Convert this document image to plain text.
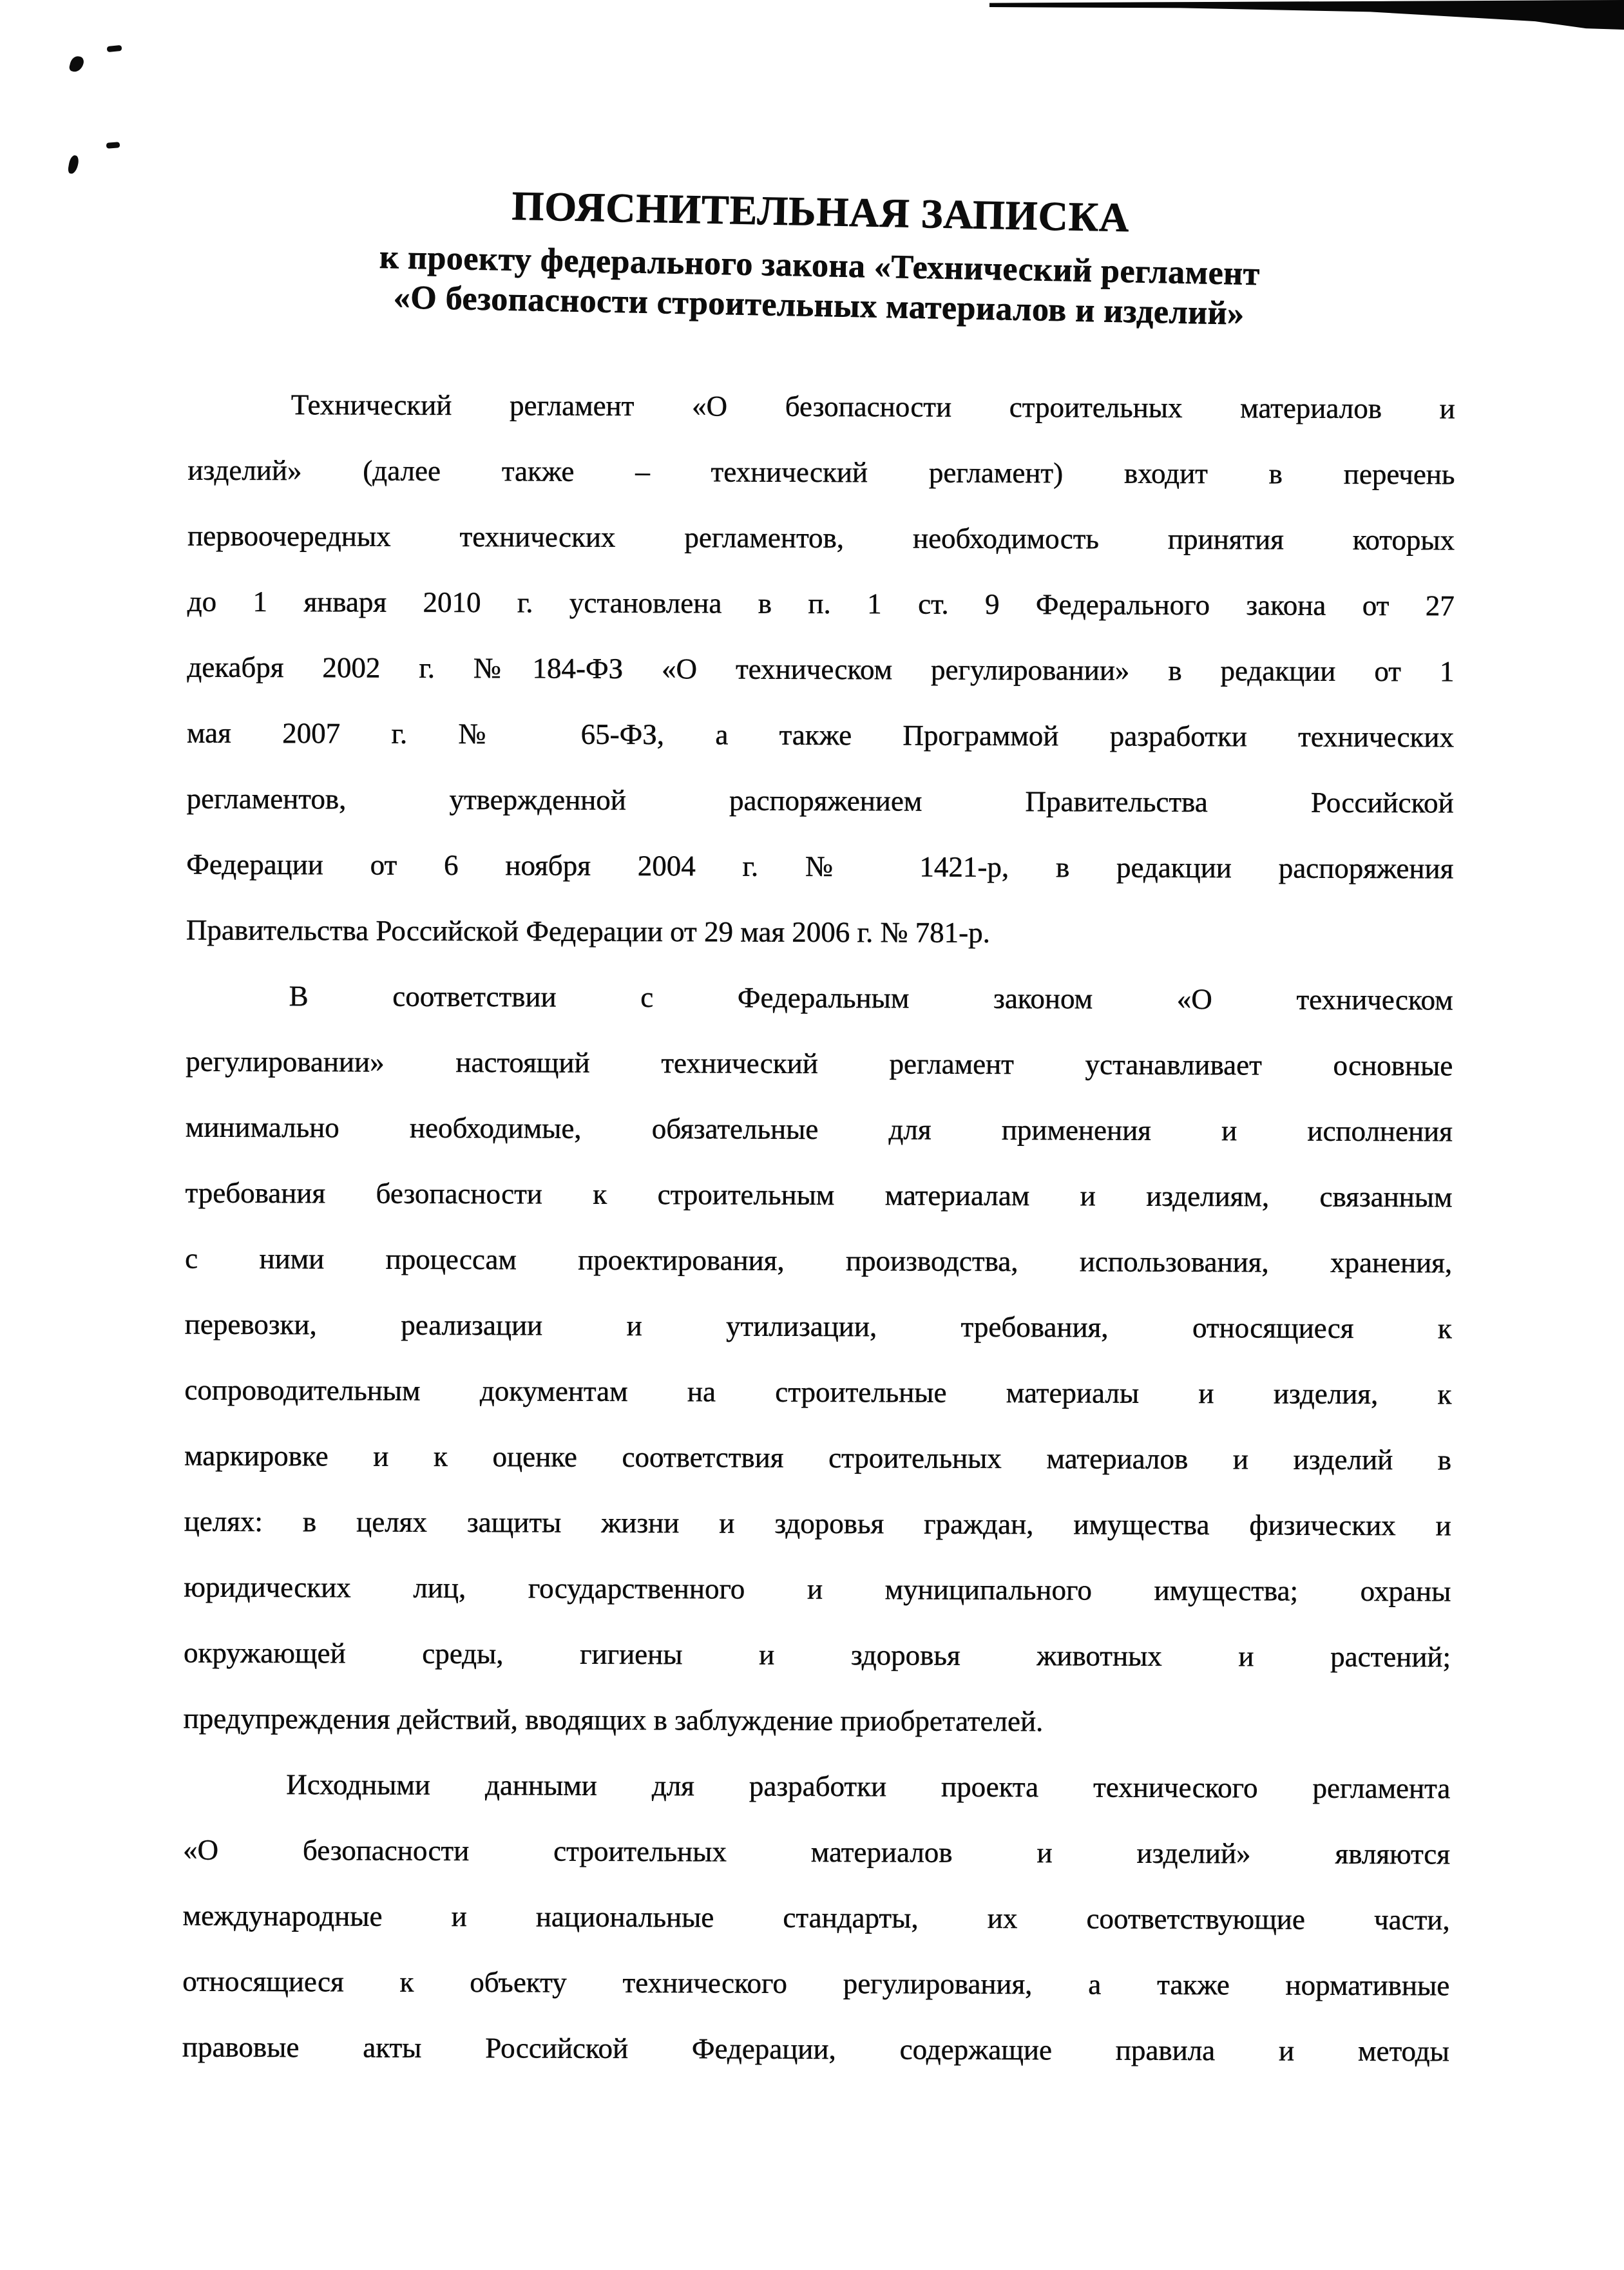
ПОЯСНИТЕЛЬНАЯ ЗАПИСКА
к проекту федерального закона «Технический регламент
«О безопасности строительных материалов и изделий»
Технический регламент «О безопасности строительных материалов и
изделий» (далее также – технический регламент) входит в перечень
первоочередных технических регламентов, необходимость принятия которых
до 1 января 2010 г. установлена в п. 1 ст. 9 Федерального закона от 27
декабря 2002 г. №184-ФЗ «О техническом регулировании» в редакции от 1
мая 2007 г. № 65-ФЗ, а также Программой разработки технических
регламентов, утвержденной распоряжением Правительства Российской
Федерации от 6 ноября 2004 г. № 1421-р, в редакции распоряжения
Правительства Российской Федерации от 29 мая 2006 г. № 781-р.
В соответствии с Федеральным законом «О техническом
регулировании» настоящий технический регламент устанавливает основные
минимально необходимые, обязательные для применения и исполнения
требования безопасности к строительным материалам и изделиям, связанным
с ними процессам проектирования, производства, использования, хранения,
перевозки, реализации и утилизации, требования, относящиеся к
сопроводительным документам на строительные материалы и изделия, к
маркировке и к оценке соответствия строительных материалов и изделий в
целях: в целях защиты жизни и здоровья граждан, имущества физических и
юридических лиц, государственного и муниципального имущества; охраны
окружающей среды, гигиены и здоровья животных и растений;
предупреждения действий, вводящих в заблуждение приобретателей.
Исходными данными для разработки проекта технического регламента
«О безопасности строительных материалов и изделий» являются
международные и национальные стандарты, их соответствующие части,
относящиеся к объекту технического регулирования, а также нормативные
правовые акты Российской Федерации, содержащие правила и методы
